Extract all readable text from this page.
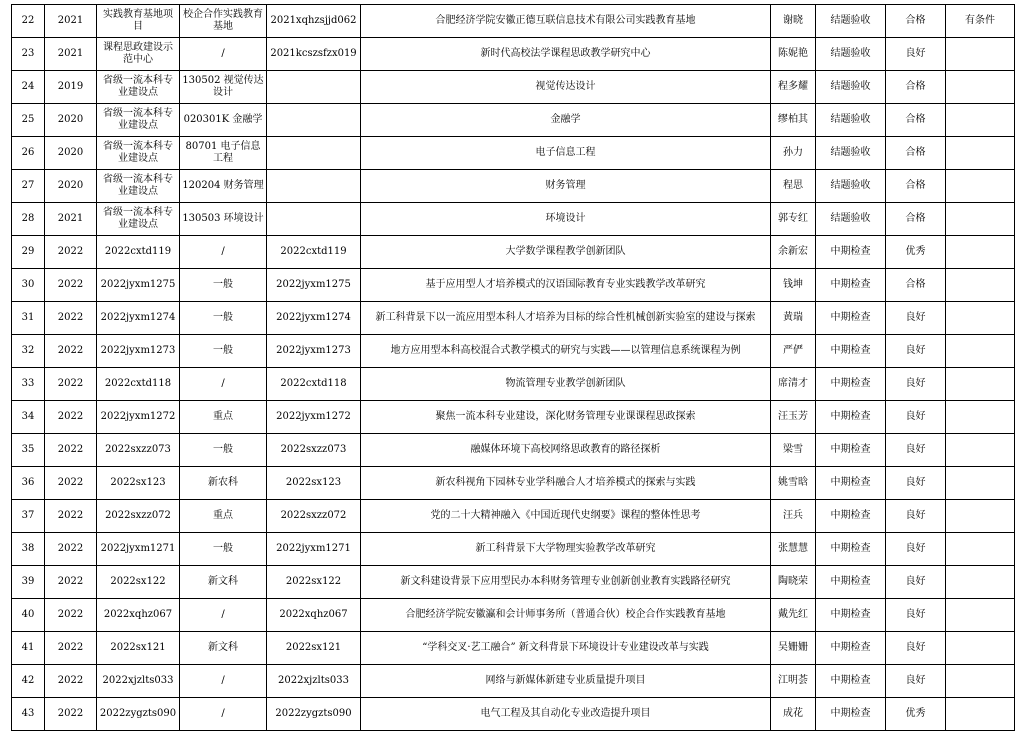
22	2021	实践教育基地项目	校企合作实践教育基地	2021xqhzsjjd062	合肥经济学院安徽正德互联信息技术有限公司实践教育基地	谢晓	结题验收	合格	有条件
23	2021	课程思政建设示范中心	/	2021kcszsfzx019	新时代高校法学课程思政教学研究中心	陈妮艳	结题验收	良好	
24	2019	省级一流本科专业建设点	130502 视觉传达设计		视觉传达设计	程多耀	结题验收	合格	
25	2020	省级一流本科专业建设点	020301K 金融学		金融学	缪柏其	结题验收	合格	
26	2020	省级一流本科专业建设点	80701 电子信息工程		电子信息工程	孙力	结题验收	合格	
27	2020	省级一流本科专业建设点	120204 财务管理		财务管理	程思	结题验收	合格	
28	2021	省级一流本科专业建设点	130503 环境设计		环境设计	郭专红	结题验收	合格	
29	2022	2022cxtd119	/	2022cxtd119	大学数学课程教学创新团队	余新宏	中期检查	优秀	
30	2022	2022jyxm1275	一般	2022jyxm1275	基于应用型人才培养模式的汉语国际教育专业实践教学改革研究	钱坤	中期检查	合格	
31	2022	2022jyxm1274	一般	2022jyxm1274	新工科背景下以一流应用型本科人才培养为目标的综合性机械创新实验室的建设与探索	黄瑞	中期检查	良好	
32	2022	2022jyxm1273	一般	2022jyxm1273	地方应用型本科高校混合式教学模式的研究与实践——以管理信息系统课程为例	严俨	中期检查	良好	
33	2022	2022cxtd118	/	2022cxtd118	物流管理专业教学创新团队	席清才	中期检查	良好	
34	2022	2022jyxm1272	重点	2022jyxm1272	聚焦一流本科专业建设，深化财务管理专业课课程思政探索	汪玉芳	中期检查	良好	
35	2022	2022sxzz073	一般	2022sxzz073	融媒体环境下高校网络思政教育的路径探析	梁雪	中期检查	良好	
36	2022	2022sx123	新农科	2022sx123	新农科视角下园林专业学科融合人才培养模式的探索与实践	姚雪晗	中期检查	良好	
37	2022	2022sxzz072	重点	2022sxzz072	党的二十大精神融入《中国近现代史纲要》课程的整体性思考	汪兵	中期检查	良好	
38	2022	2022jyxm1271	一般	2022jyxm1271	新工科背景下大学物理实验教学改革研究	张慧慧	中期检查	良好	
39	2022	2022sx122	新文科	2022sx122	新文科建设背景下应用型民办本科财务管理专业创新创业教育实践路径研究	陶晓荣	中期检查	良好	
40	2022	2022xqhz067	/	2022xqhz067	合肥经济学院安徽瀛和会计师事务所（普通合伙）校企合作实践教育基地	戴先红	中期检查	良好	
41	2022	2022sx121	新文科	2022sx121	“学科交叉·艺工融合” 新文科背景下环境设计专业建设改革与实践	吴姗姗	中期检查	良好	
42	2022	2022xjzlts033	/	2022xjzlts033	网络与新媒体新建专业质量提升项目	江明荟	中期检查	良好	
43	2022	2022zygzts090	/	2022zygzts090	电气工程及其自动化专业改造提升项目	成花	中期检查	优秀	
